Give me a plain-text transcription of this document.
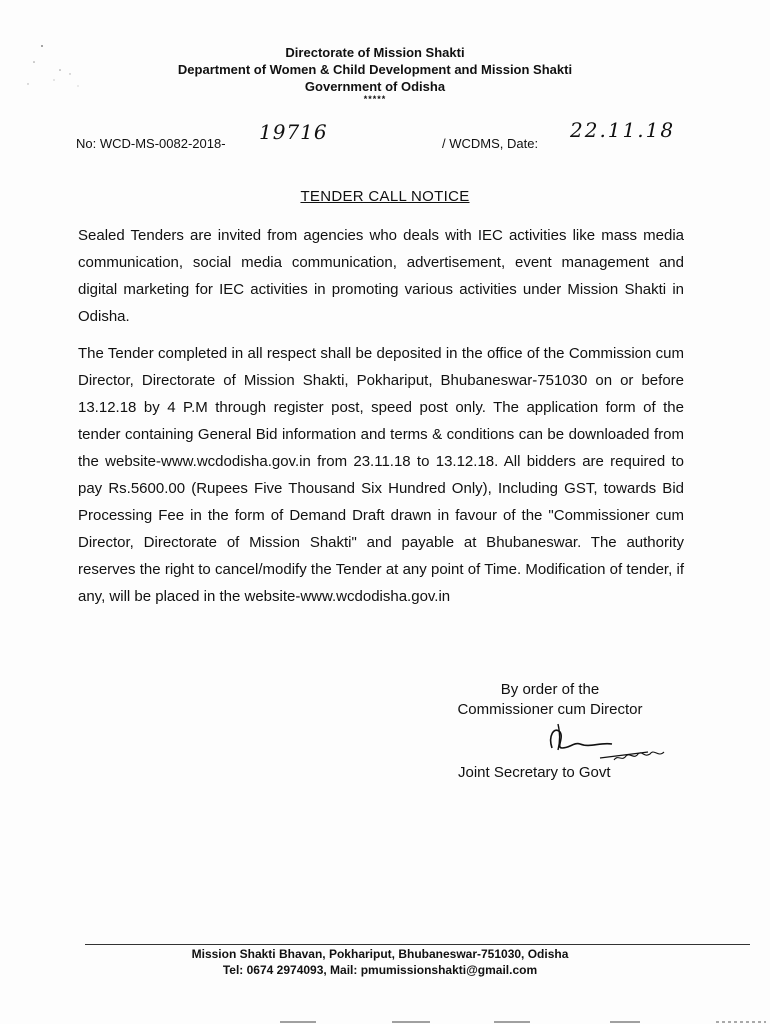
Directorate of Mission Shakti
Department of Women & Child Development and Mission Shakti
Government of Odisha
*****
No: WCD-MS-0082-2018- 19716	/ WCDMS, Date:
22.11.18
TENDER CALL NOTICE
Sealed Tenders are invited from agencies who deals with IEC activities like mass media communication, social media communication, advertisement, event management and digital marketing for IEC activities in promoting various activities under Mission Shakti in Odisha.
The Tender completed in all respect shall be deposited in the office of the Commission cum Director, Directorate of Mission Shakti, Pokhariput, Bhubaneswar-751030 on or before 13.12.18 by 4 P.M through register post, speed post only. The application form of the tender containing General Bid information and terms & conditions can be downloaded from the website-www.wcdodisha.gov.in from 23.11.18 to 13.12.18. All bidders are required to pay Rs.5600.00 (Rupees Five Thousand Six Hundred Only), Including GST, towards Bid Processing Fee in the form of Demand Draft drawn in favour of the "Commissioner cum Director, Directorate of Mission Shakti" and payable at Bhubaneswar. The authority reserves the right to cancel/modify the Tender at any point of Time. Modification of tender, if any, will be placed in the website-www.wcdodisha.gov.in
By order of the
Commissioner cum Director
Joint Secretary to Govt
Mission Shakti Bhavan, Pokhariput, Bhubaneswar-751030, Odisha
Tel: 0674 2974093, Mail: pmumissionshakti@gmail.com
